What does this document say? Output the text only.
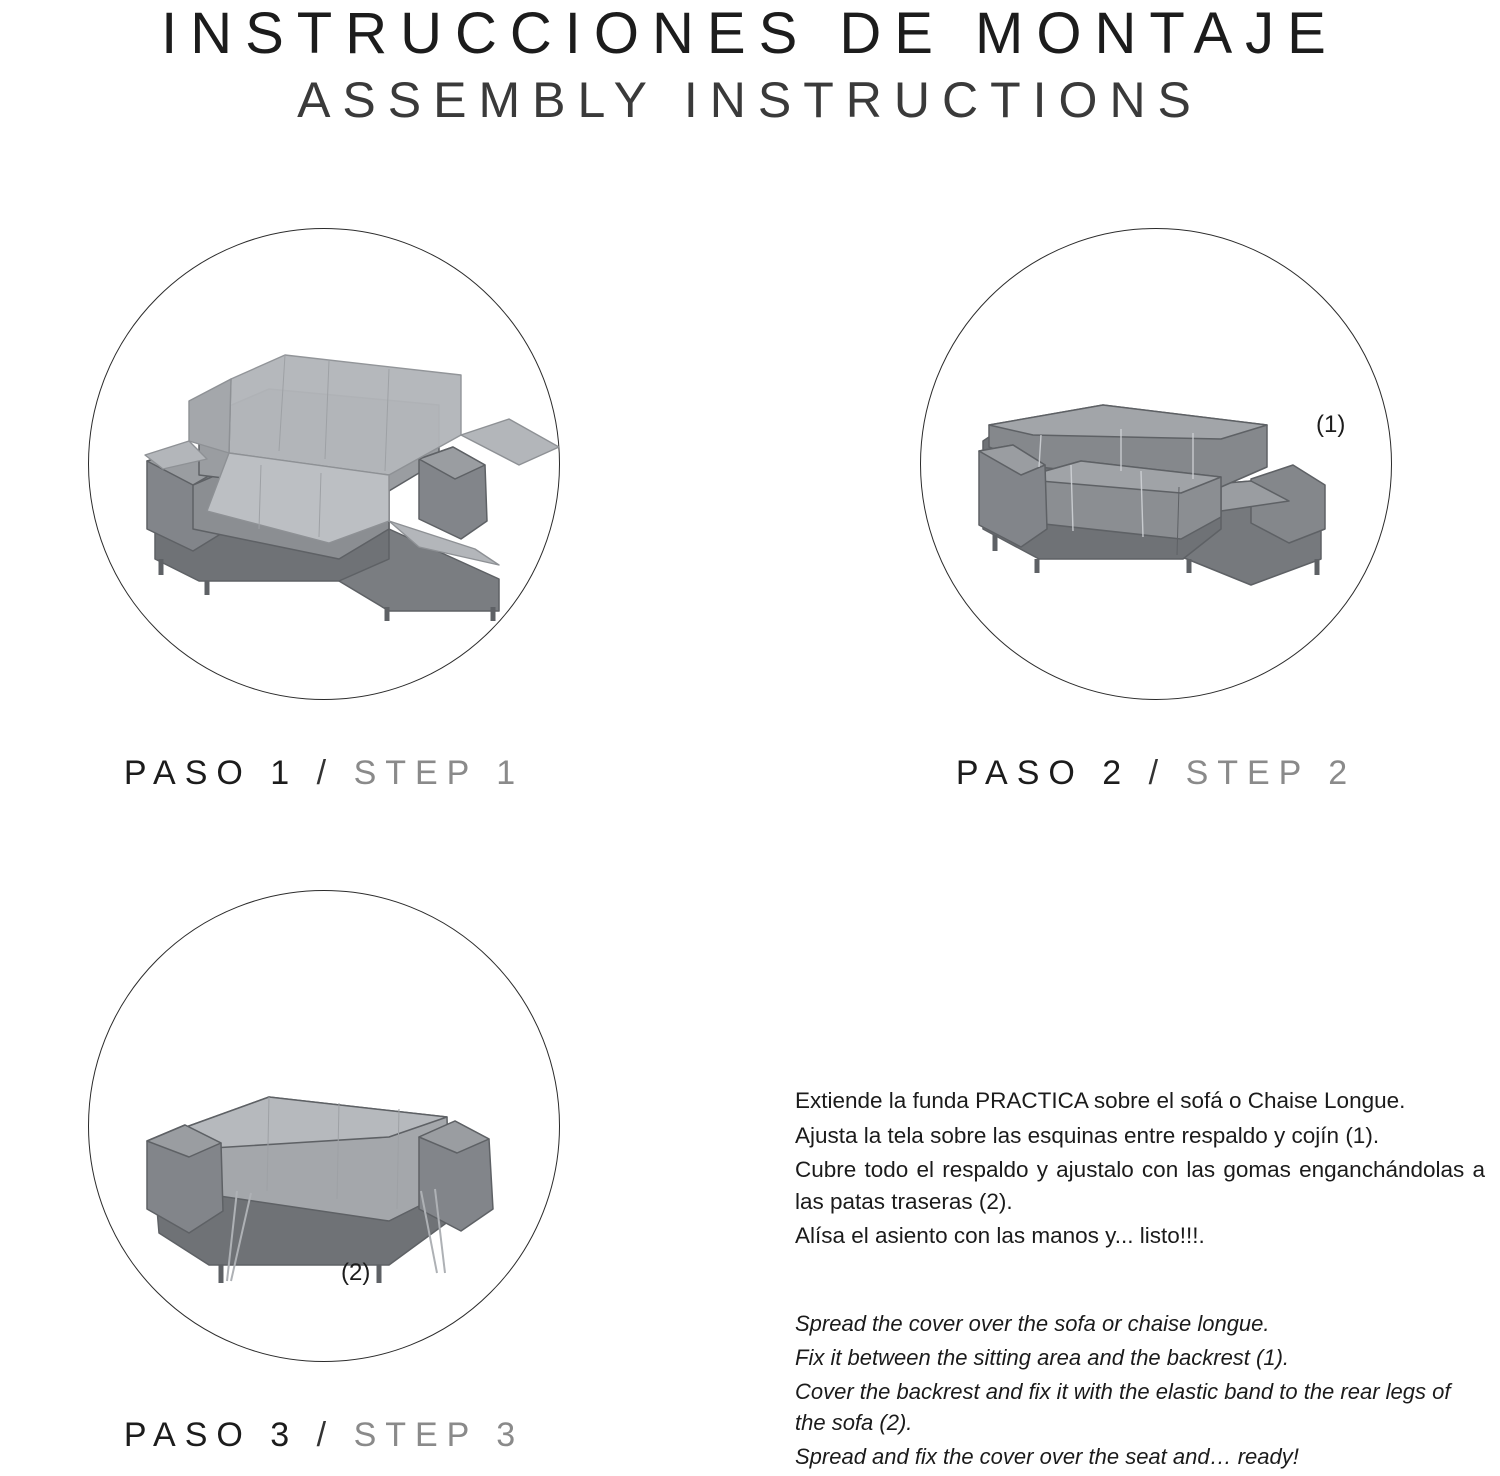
INSTRUCCIONES DE MONTAJE
ASSEMBLY INSTRUCTIONS
PASO 1 / STEP 1
(1)
PASO 2 / STEP 2
(2)
PASO 3 / STEP 3

Extiende la funda PRACTICA sobre el sofá o Chaise Longue.

Ajusta la tela sobre las esquinas entre respaldo y cojín (1).

Cubre todo el respaldo y ajustalo con las gomas enganchándolas a las patas traseras (2).

Alísa el asiento con las manos y... listo!!!.

Spread the cover over the sofa or chaise longue.

Fix it between the sitting area and the backrest (1).

Cover the backrest and fix it with the elastic band to the rear legs of the sofa (2).

Spread and fix the cover over the seat and… ready!
